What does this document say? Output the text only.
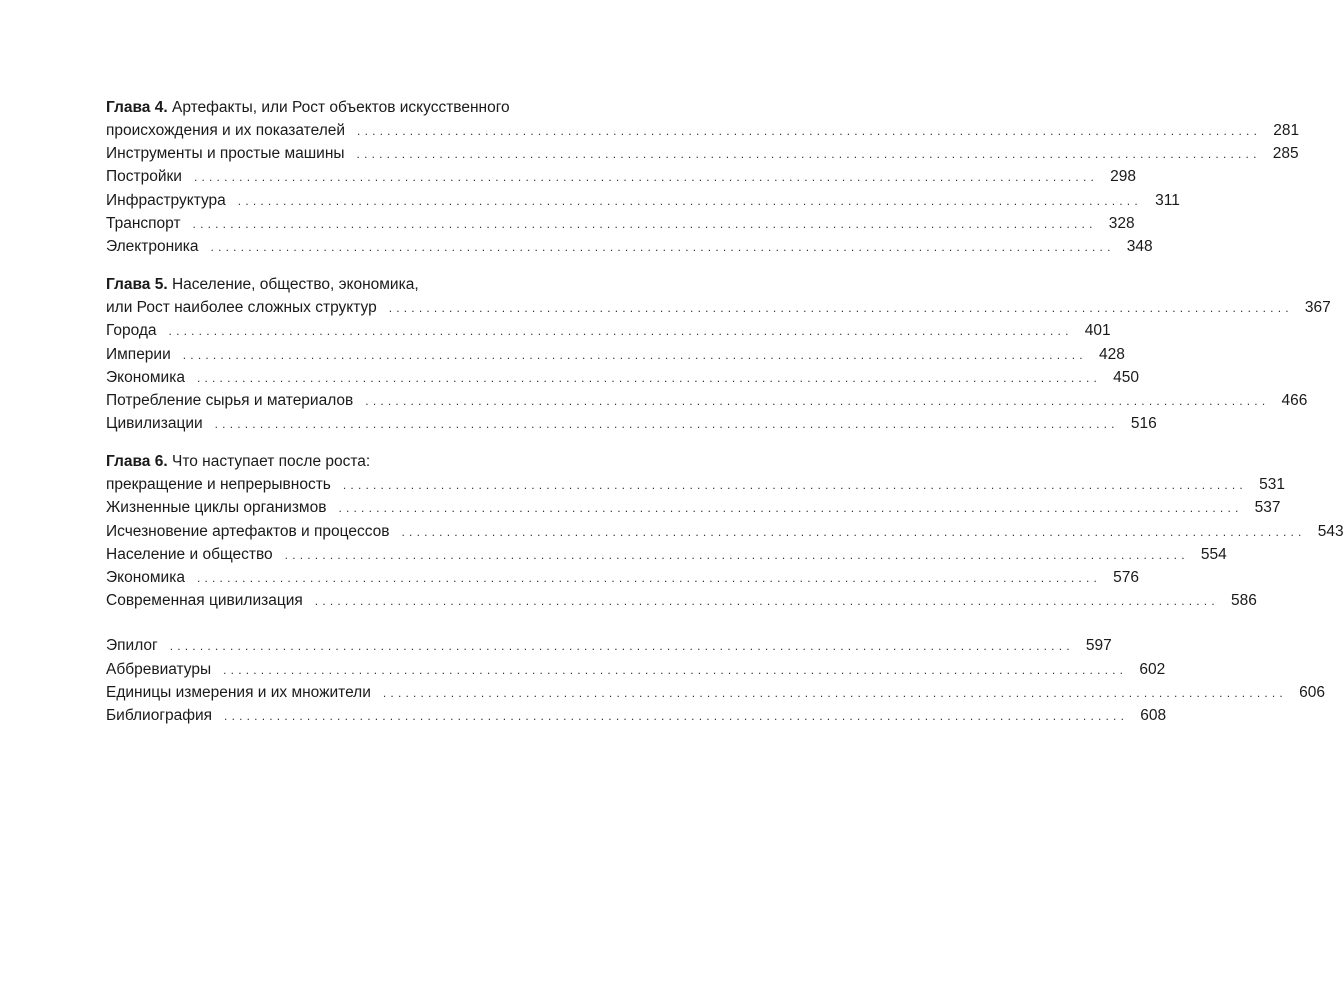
Глава 4. Артефакты, или Рост объектов искусственного
происхождения и их показателей ........................................................................................................................ 281
Инструменты и простые машины ........................................................................................................................ 285
Постройки ........................................................................................................................ 298
Инфраструктура ........................................................................................................................ 311
Транспорт ........................................................................................................................ 328
Электроника ........................................................................................................................ 348
Глава 5. Население, общество, экономика,
или Рост наиболее сложных структур ........................................................................................................................ 367
Города ........................................................................................................................ 401
Империи ........................................................................................................................ 428
Экономика ........................................................................................................................ 450
Потребление сырья и материалов ........................................................................................................................ 466
Цивилизации ........................................................................................................................ 516
Глава 6. Что наступает после роста:
прекращение и непрерывность ........................................................................................................................ 531
Жизненные циклы организмов ........................................................................................................................ 537
Исчезновение артефактов и процессов ........................................................................................................................ 543
Население и общество ........................................................................................................................ 554
Экономика ........................................................................................................................ 576
Современная цивилизация ........................................................................................................................ 586
Эпилог ........................................................................................................................ 597
Аббревиатуры ........................................................................................................................ 602
Единицы измерения и их множители ........................................................................................................................ 606
Библиография ........................................................................................................................ 608
